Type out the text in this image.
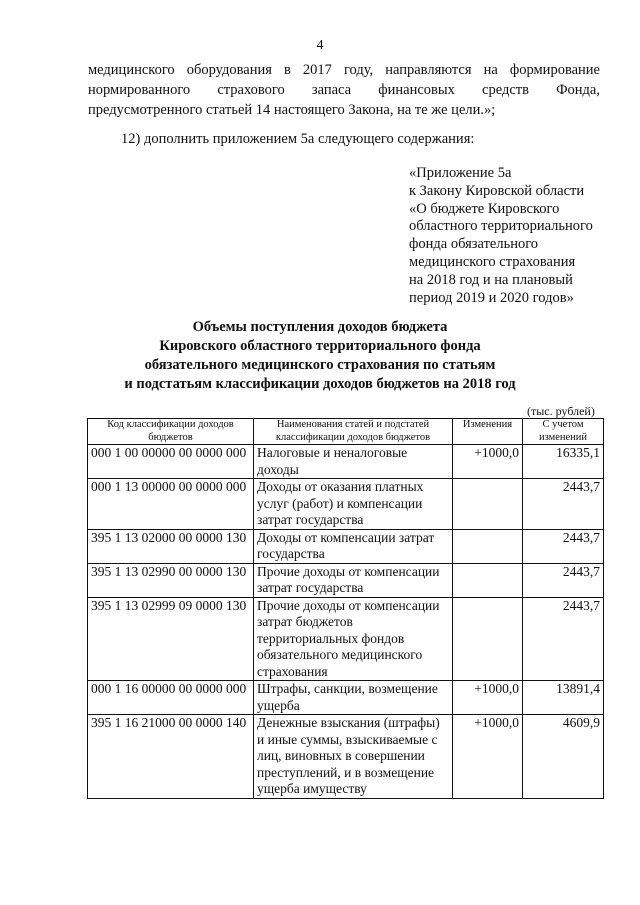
4
медицинского оборудования в 2017 году, направляются на формирование
нормированного страхового запаса финансовых средств Фонда,
предусмотренного статьей 14 настоящего Закона, на те же цели.»;
12) дополнить приложением 5а следующего содержания:
«Приложение 5а
к Закону Кировской области
«О бюджете Кировского
областного территориального
фонда обязательного
медицинского страхования
на 2018 год и на плановый
период 2019 и 2020 годов»
Объемы поступления доходов бюджета
Кировского областного территориального фонда
обязательного медицинского страхования по статьям
и подстатьям классификации доходов бюджетов на 2018 год
(тыс. рублей)
Код классификации доходов бюджетов	Наименования статей и подстатей классификации доходов бюджетов	Изменения	С учетом изменений
000 1 00 00000 00 0000 000	Налоговые и неналоговые доходы	+1000,0	16335,1
000 1 13 00000 00 0000 000	Доходы от оказания платных услуг (работ) и компенсации затрат государства		2443,7
395 1 13 02000 00 0000 130	Доходы от компенсации затрат государства		2443,7
395 1 13 02990 00 0000 130	Прочие доходы от компенсации затрат государства		2443,7
395 1 13 02999 09 0000 130	Прочие доходы от компенсации затрат бюджетов территориальных фондов обязательного медицинского страхования		2443,7
000 1 16 00000 00 0000 000	Штрафы, санкции, возмещение ущерба	+1000,0	13891,4
395 1 16 21000 00 0000 140	Денежные взыскания (штрафы) и иные суммы, взыскиваемые с лиц, виновных в совершении преступлений, и в возмещение ущерба имуществу	+1000,0	4609,9
